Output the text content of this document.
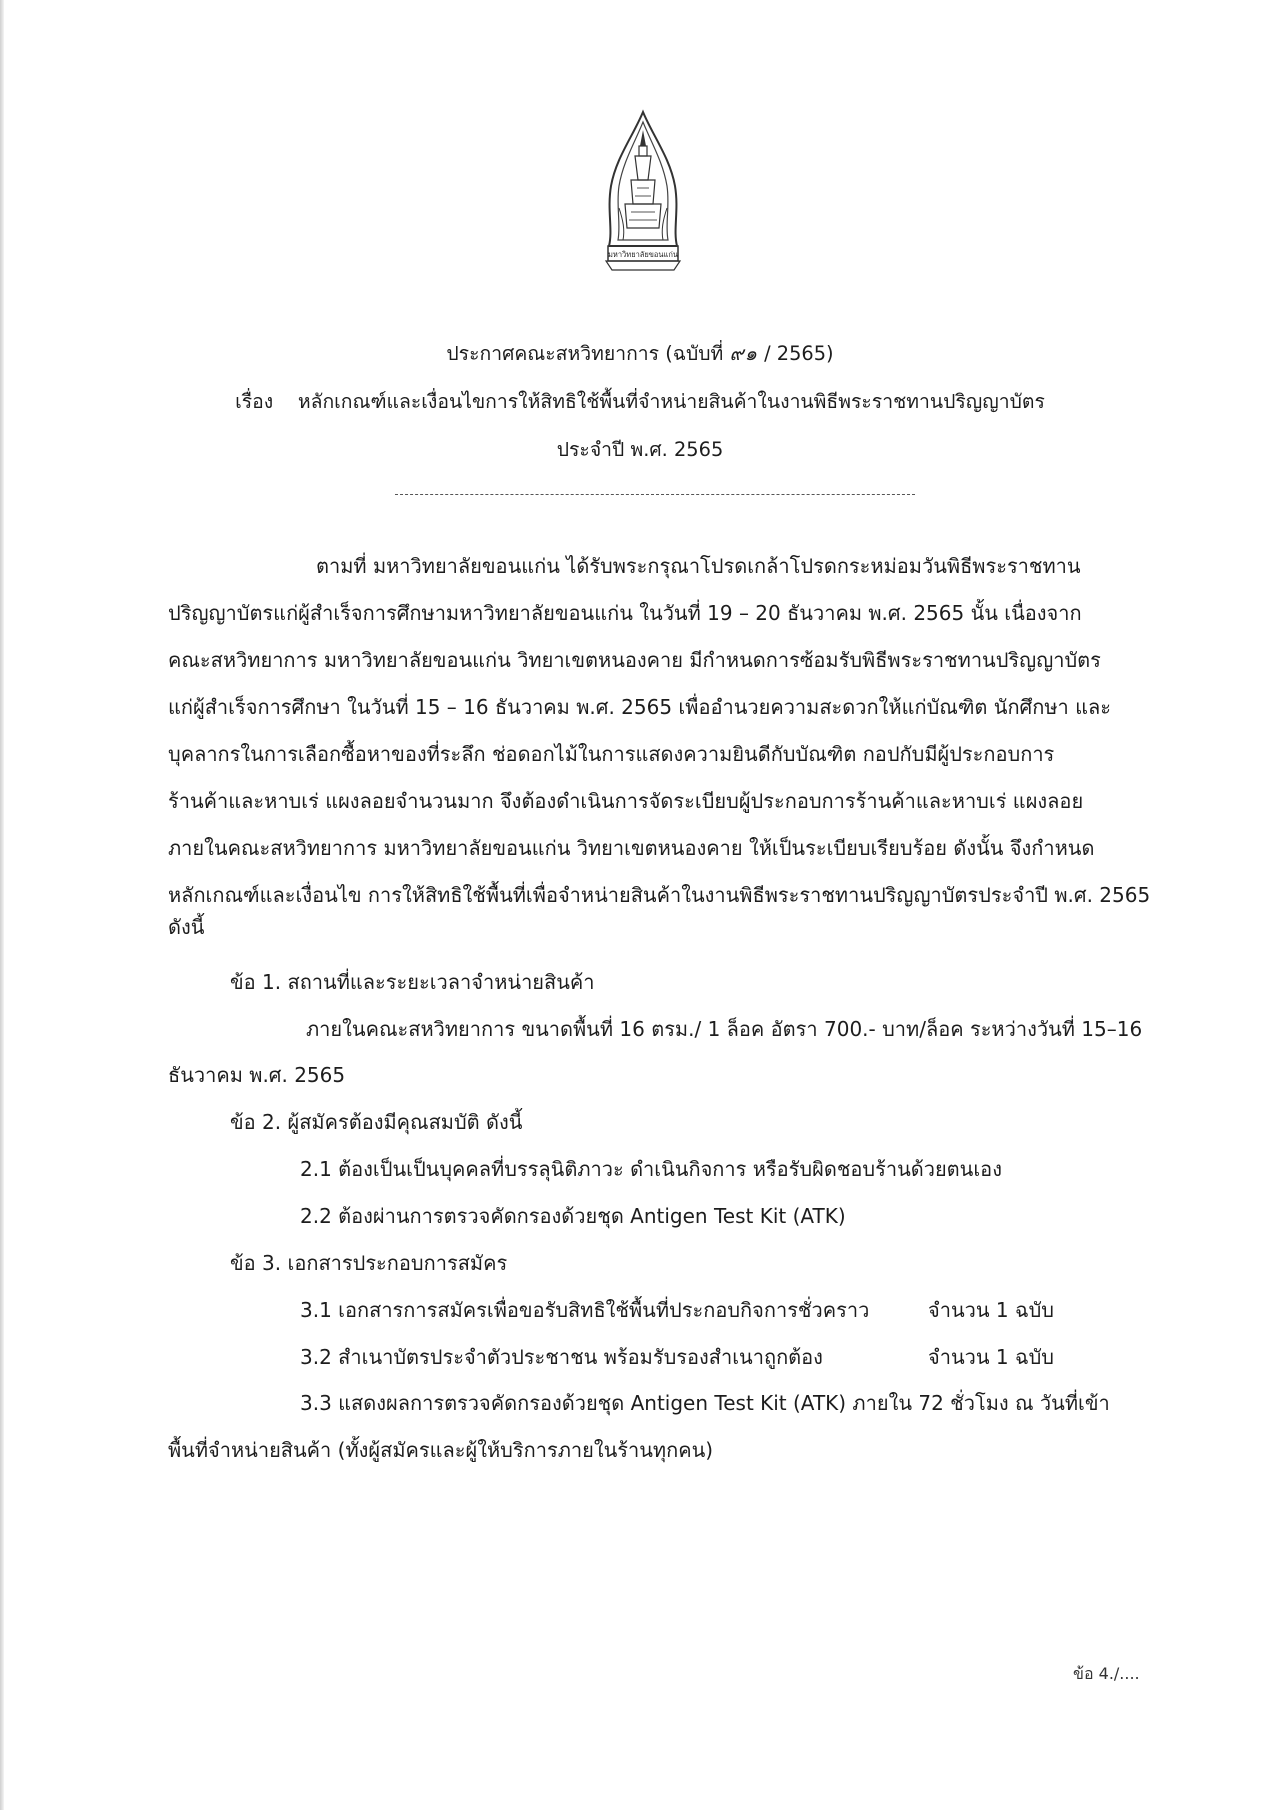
มหาวิทยาลัยขอนแก่น
ประกาศคณะสหวิทยาการ (ฉบับที่ ๙๑ / 2565)
เรื่อง หลักเกณฑ์และเงื่อนไขการให้สิทธิใช้พื้นที่จำหน่ายสินค้าในงานพิธีพระราชทานปริญญาบัตร
ประจำปี พ.ศ. 2565
ตามที่ มหาวิทยาลัยขอนแก่น ได้รับพระกรุณาโปรดเกล้าโปรดกระหม่อมวันพิธีพระราชทาน
ปริญญาบัตรแก่ผู้สำเร็จการศึกษามหาวิทยาลัยขอนแก่น ในวันที่ 19 – 20 ธันวาคม พ.ศ. 2565 นั้น เนื่องจาก
คณะสหวิทยาการ มหาวิทยาลัยขอนแก่น วิทยาเขตหนองคาย มีกำหนดการซ้อมรับพิธีพระราชทานปริญญาบัตร
แก่ผู้สำเร็จการศึกษา ในวันที่ 15 – 16 ธันวาคม พ.ศ. 2565 เพื่ออำนวยความสะดวกให้แก่บัณฑิต นักศึกษา และ
บุคลากรในการเลือกซื้อหาของที่ระลึก ช่อดอกไม้ในการแสดงความยินดีกับบัณฑิต กอปกับมีผู้ประกอบการ
ร้านค้าและหาบเร่ แผงลอยจำนวนมาก จึงต้องดำเนินการจัดระเบียบผู้ประกอบการร้านค้าและหาบเร่ แผงลอย
ภายในคณะสหวิทยาการ มหาวิทยาลัยขอนแก่น วิทยาเขตหนองคาย ให้เป็นระเบียบเรียบร้อย ดังนั้น จึงกำหนด
หลักเกณฑ์และเงื่อนไข การให้สิทธิใช้พื้นที่เพื่อจำหน่ายสินค้าในงานพิธีพระราชทานปริญญาบัตรประจำปี พ.ศ. 2565
ดังนี้
ข้อ 1. สถานที่และระยะเวลาจำหน่ายสินค้า
ภายในคณะสหวิทยาการ ขนาดพื้นที่ 16 ตรม./ 1 ล็อค อัตรา 700.- บาท/ล็อค ระหว่างวันที่ 15–16
ธันวาคม พ.ศ. 2565
ข้อ 2. ผู้สมัครต้องมีคุณสมบัติ ดังนี้
2.1 ต้องเป็นเป็นบุคคลที่บรรลุนิติภาวะ ดำเนินกิจการ หรือรับผิดชอบร้านด้วยตนเอง
2.2 ต้องผ่านการตรวจคัดกรองด้วยชุด Antigen Test Kit (ATK)
ข้อ 3. เอกสารประกอบการสมัคร
3.1 เอกสารการสมัครเพื่อขอรับสิทธิใช้พื้นที่ประกอบกิจการชั่วคราว	จำนวน 1 ฉบับ
3.2 สำเนาบัตรประจำตัวประชาชน พร้อมรับรองสำเนาถูกต้อง	จำนวน 1 ฉบับ
3.3 แสดงผลการตรวจคัดกรองด้วยชุด Antigen Test Kit (ATK) ภายใน 72 ชั่วโมง ณ วันที่เข้า
พื้นที่จำหน่ายสินค้า (ทั้งผู้สมัครและผู้ให้บริการภายในร้านทุกคน)
ข้อ 4./....
